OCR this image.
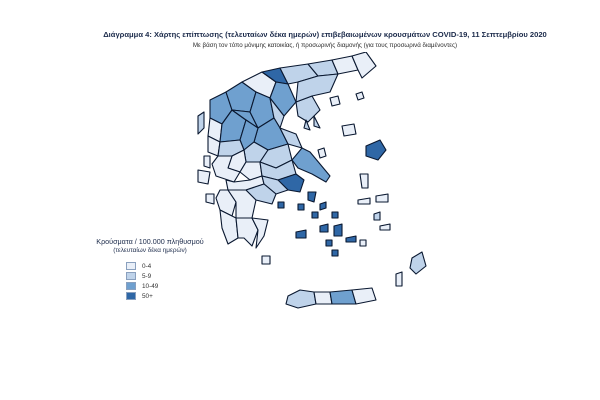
Διάγραμμα 4: Χάρτης επίπτωσης (τελευταίων δέκα ημερών) επιβεβαιωμένων κρουσμάτων COVID-19, 11 Σεπτεμβρίου 2020
Με βάση τον τόπο μόνιμης κατοικίας, ή προσωρινής διαμονής (για τους προσωρινά διαμένοντες)
Κρούσματα / 100.000 πληθυσμού
(τελευταίων δέκα ημερών)
0-4
5-9
10-49
50+
